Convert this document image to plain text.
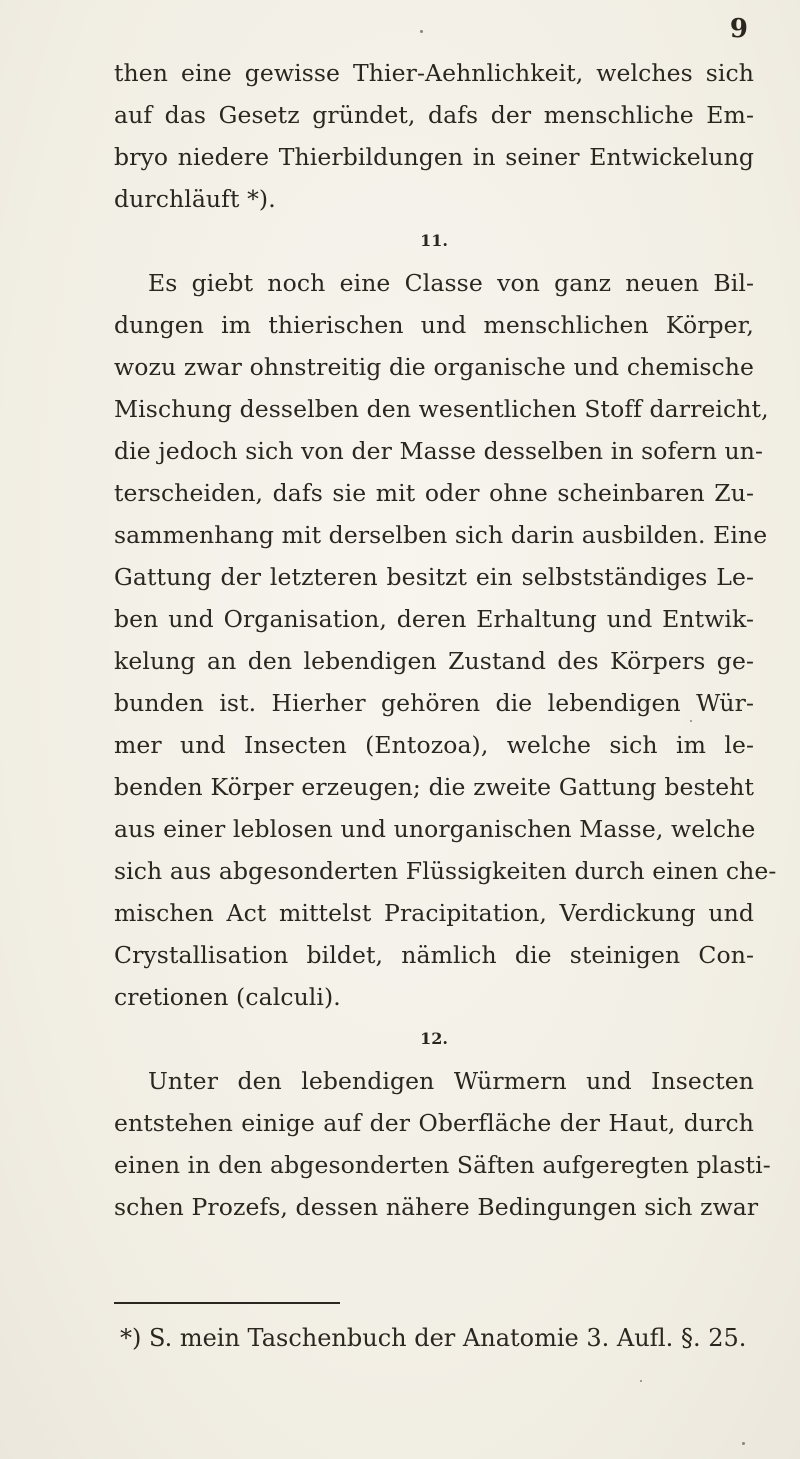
9
then eine gewisse Thier-Aehnlichkeit, welches sich
auf das Gesetz gründet, dafs der menschliche Em-
bryo niedere Thierbildungen in seiner Entwickelung
durchläuft *).
11.
Es giebt noch eine Classe von ganz neuen Bil-
dungen im thierischen und menschlichen Körper,
wozu zwar ohnstreitig die organische und chemische
Mischung desselben den wesentlichen Stoff darreicht,
die jedoch sich von der Masse desselben in sofern un-
terscheiden, dafs sie mit oder ohne scheinbaren Zu-
sammenhang mit derselben sich darin ausbilden. Eine
Gattung der letzteren besitzt ein selbstständiges Le-
ben und Organisation, deren Erhaltung und Entwik-
kelung an den lebendigen Zustand des Körpers ge-
bunden ist. Hierher gehören die lebendigen Wür-
mer und Insecten (Entozoa), welche sich im le-
benden Körper erzeugen; die zweite Gattung besteht
aus einer leblosen und unorganischen Masse, welche
sich aus abgesonderten Flüssigkeiten durch einen che-
mischen Act mittelst Pracipitation, Verdickung und
Crystallisation bildet, nämlich die steinigen Con-
cretionen (calculi).
12.
Unter den lebendigen Würmern und Insecten
entstehen einige auf der Oberfläche der Haut, durch
einen in den abgesonderten Säften aufgeregten plasti-
schen Prozefs, dessen nähere Bedingungen sich zwar
*) S. mein Taschenbuch der Anatomie 3. Aufl. §. 25.
